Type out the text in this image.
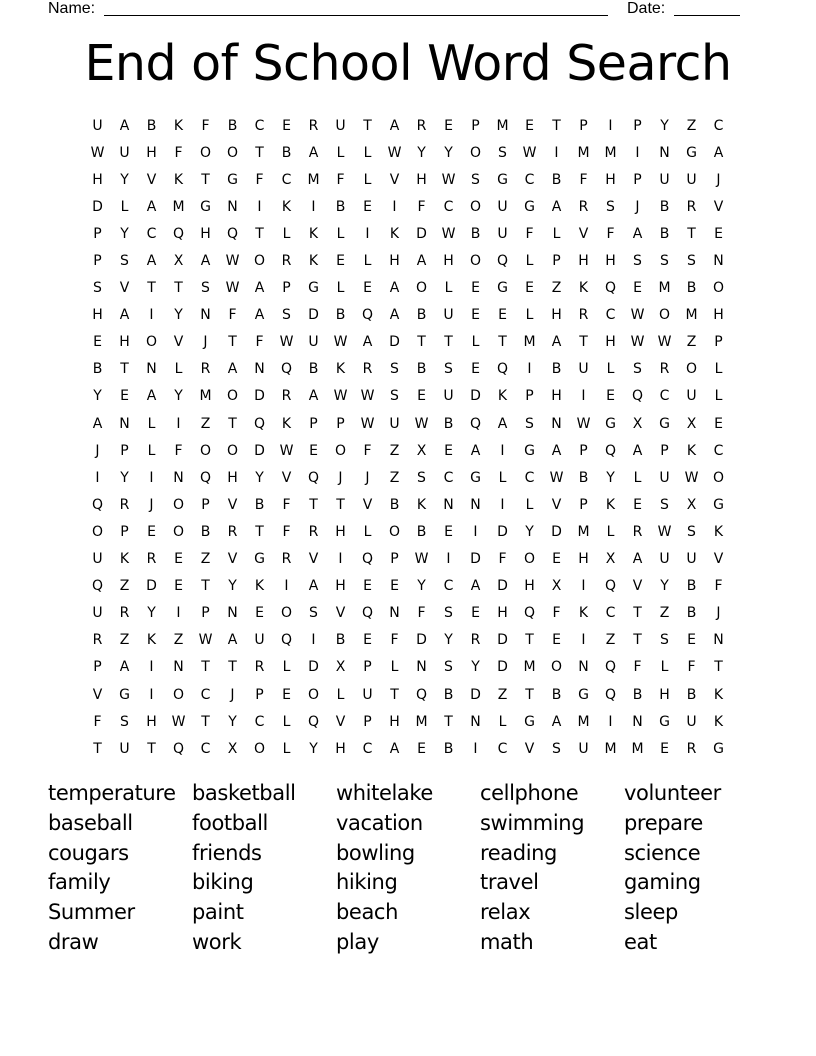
Name:	Date:
End of School Word Search
U	A	B	K	F	B	C	E	R	U	T	A	R	E	P	M	E	T	P	I	P	Y	Z	C
W	U	H	F	O	O	T	B	A	L	L	W	Y	Y	O	S	W	I	M	M	I	N	G	A
H	Y	V	K	T	G	F	C	M	F	L	V	H	W	S	G	C	B	F	H	P	U	U	J
D	L	A	M	G	N	I	K	I	B	E	I	F	C	O	U	G	A	R	S	J	B	R	V
P	Y	C	Q	H	Q	T	L	K	L	I	K	D	W	B	U	F	L	V	F	A	B	T	E
P	S	A	X	A	W	O	R	K	E	L	H	A	H	O	Q	L	P	H	H	S	S	S	N
S	V	T	T	S	W	A	P	G	L	E	A	O	L	E	G	E	Z	K	Q	E	M	B	O
H	A	I	Y	N	F	A	S	D	B	Q	A	B	U	E	E	L	H	R	C	W	O	M	H
E	H	O	V	J	T	F	W	U	W	A	D	T	T	L	T	M	A	T	H	W W	Z	P
B	T	N	L	R	A	N	Q	B	K	R	S	B	S	E	Q	I	B	U	L	S	R	O	L
Y	E	A	Y	M	O	D	R	A	W W	S	E	U	D	K	P	H	I	E	Q	C	U	L
A	N	L	I	Z	T	Q	K	P	P	W	U	W	B	Q	A	S	N	W	G	X	G	X	E
J	P	L	F	O	O	D	W	E	O	F	Z	X	E	A	I	G	A	P	Q	A	P	K	C
I	Y	I	N	Q	H	Y	V	Q	J	J	Z	S	C	G	L	C	W	B	Y	L	U	W	O
Q	R	J	O	P	V	B	F	T	T	V	B	K	N	N	I	L	V	P	K	E	S	X	G
O	P	E	O	B	R	T	F	R	H	L	O	B	E	I	D	Y	D	M	L	R	W	S	K
U	K	R	E	Z	V	G	R	V	I	Q	P	W	I	D	F	O	E	H	X	A	U	U	V
Q	Z	D	E	T	Y	K	I	A	H	E	E	Y	C	A	D	H	X	I	Q	V	Y	B	F
U	R	Y	I	P	N	E	O	S	V	Q	N	F	S	E	H	Q	F	K	C	T	Z	B	J
R	Z	K	Z	W	A	U	Q	I	B	E	F	D	Y	R	D	T	E	I	Z	T	S	E	N
P	A	I	N	T	T	R	L	D	X	P	L	N	S	Y	D	M	O	N	Q	F	L	F	T
V	G	I	O	C	J	P	E	O	L	U	T	Q	B	D	Z	T	B	G	Q	B	H	B	K
F	S	H	W	T	Y	C	L	Q	V	P	H	M	T	N	L	G	A	M	I	N	G	U	K
T	U	T	Q	C	X	O	L	Y	H	C	A	E	B	I	C	V	S	U	M	M	E	R	G
temperature basketball	whitelake	cellphone	volunteer
baseball	football	vacation	swimming	prepare
cougars	friends	bowling	reading	science
family	biking	hiking	travel	gaming
Summer	paint	beach	relax	sleep
draw	work	play	math	eat
